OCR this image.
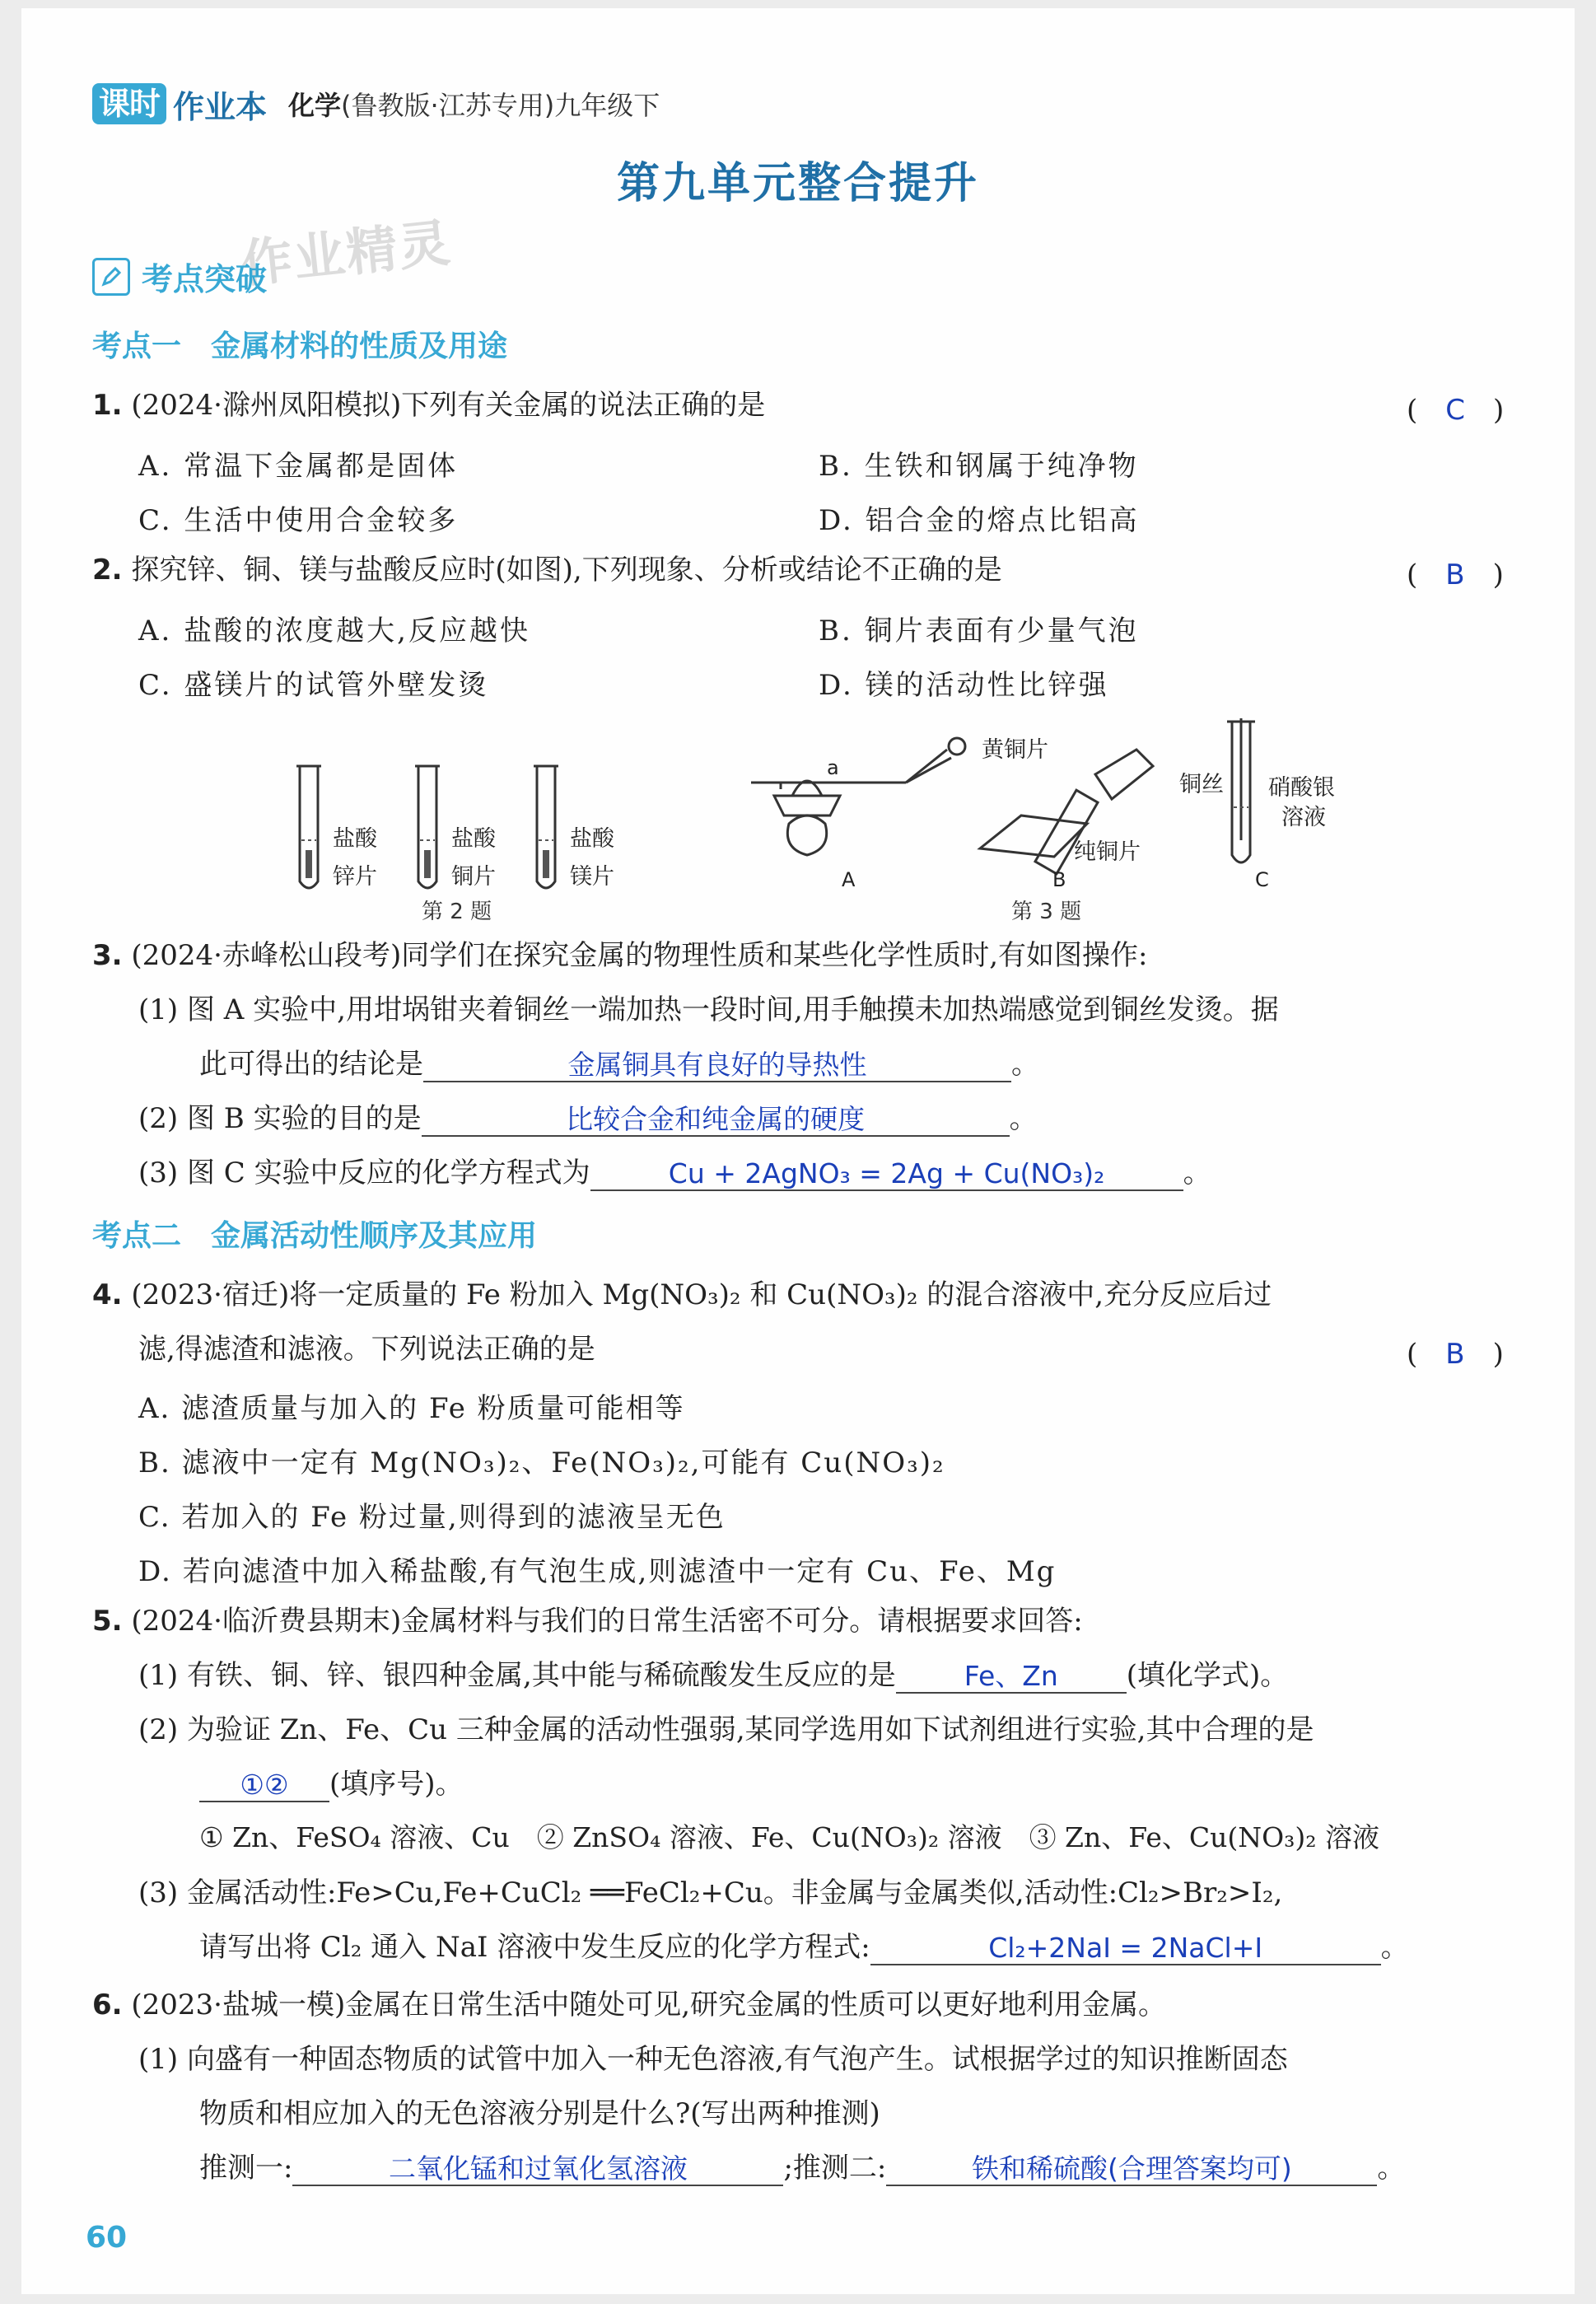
课时 作业本 化学(鲁教版·江苏专用)九年级下
第九单元整合提升
作业精灵
考点突破
考点一　金属材料的性质及用途
1. (2024·滁州凤阳模拟)下列有关金属的说法正确的是	(　C　)
A. 常温下金属都是固体	B. 生铁和钢属于纯净物
C. 生活中使用合金较多	D. 铝合金的熔点比铝高
2. 探究锌、铜、镁与盐酸反应时(如图),下列现象、分析或结论不正确的是	(　B　)
A. 盐酸的浓度越大,反应越快	B. 铜片表面有少量气泡
C. 盛镁片的试管外壁发烫	D. 镁的活动性比锌强
盐酸
锌片
盐酸
铜片
盐酸
镁片
第 2 题
a
A
黄铜片
纯铜片
B
铜丝 硝酸银
溶液
C
第 3 题
3. (2024·赤峰松山段考)同学们在探究金属的物理性质和某些化学性质时,有如图操作:
(1) 图 A 实验中,用坩埚钳夹着铜丝一端加热一段时间,用手触摸未加热端感觉到铜丝发烫。据
此可得出的结论是	金属铜具有良好的导热性	。
(2) 图 B 实验的目的是	比较合金和纯金属的硬度	。
(3) 图 C 实验中反应的化学方程式为	Cu + 2AgNO₃ = 2Ag + Cu(NO₃)₂	。
考点二　金属活动性顺序及其应用
4. (2023·宿迁)将一定质量的 Fe 粉加入 Mg(NO₃)₂ 和 Cu(NO₃)₂ 的混合溶液中,充分反应后过
滤,得滤渣和滤液。下列说法正确的是	(　B　)
A. 滤渣质量与加入的 Fe 粉质量可能相等
B. 滤液中一定有 Mg(NO₃)₂、Fe(NO₃)₂,可能有 Cu(NO₃)₂
C. 若加入的 Fe 粉过量,则得到的滤液呈无色
D. 若向滤渣中加入稀盐酸,有气泡生成,则滤渣中一定有 Cu、Fe、Mg
5. (2024·临沂费县期末)金属材料与我们的日常生活密不可分。请根据要求回答:
(1) 有铁、铜、锌、银四种金属,其中能与稀硫酸发生反应的是	Fe、Zn (填化学式)。
(2) 为验证 Zn、Fe、Cu 三种金属的活动性强弱,某同学选用如下试剂组进行实验,其中合理的是
①② (填序号)。
① Zn、FeSO₄ 溶液、Cu　② ZnSO₄ 溶液、Fe、Cu(NO₃)₂ 溶液　③ Zn、Fe、Cu(NO₃)₂ 溶液
(3) 金属活动性:Fe>Cu,Fe+CuCl₂ ══FeCl₂+Cu。非金属与金属类似,活动性:Cl₂>Br₂>I₂,
请写出将 Cl₂ 通入 NaI 溶液中发生反应的化学方程式:	Cl₂+2NaI = 2NaCl+I	。
6. (2023·盐城一模)金属在日常生活中随处可见,研究金属的性质可以更好地利用金属。
(1) 向盛有一种固态物质的试管中加入一种无色溶液,有气泡产生。试根据学过的知识推断固态
物质和相应加入的无色溶液分别是什么?(写出两种推测)
推测一:	二氧化锰和过氧化氢溶液	;推测二:	铁和稀硫酸(合理答案均可)	。
60
